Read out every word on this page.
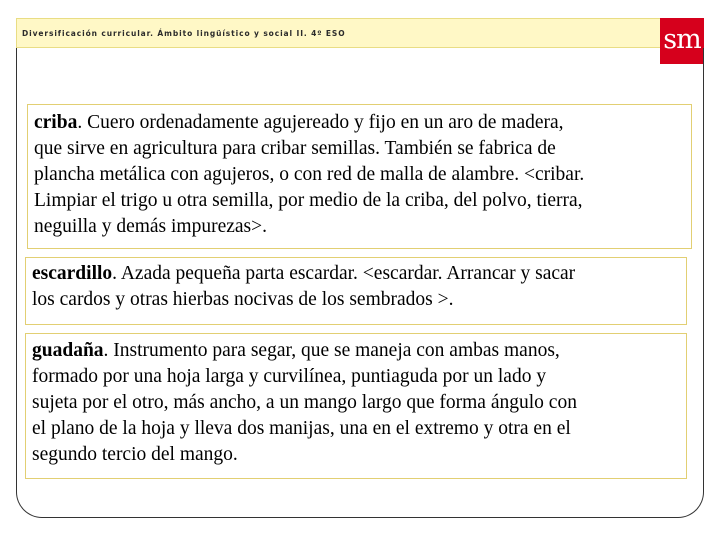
Diversificación curricular. Ámbito lingüístico y social II. 4º ESO	sm
criba. Cuero ordenadamente agujereado y fijo en un aro de madera,
que sirve en agricultura para cribar semillas. También se fabrica de
plancha metálica con agujeros, o con red de malla de alambre. <cribar.
Limpiar el trigo u otra semilla, por medio de la criba, del polvo, tierra,
neguilla y demás impurezas>.
escardillo. Azada pequeña parta escardar. <escardar. Arrancar y sacar
los cardos y otras hierbas nocivas de los sembrados >.
guadaña. Instrumento para segar, que se maneja con ambas manos,
formado por una hoja larga y curvilínea, puntiaguda por un lado y
sujeta por el otro, más ancho, a un mango largo que forma ángulo con
el plano de la hoja y lleva dos manijas, una en el extremo y otra en el
segundo tercio del mango.
